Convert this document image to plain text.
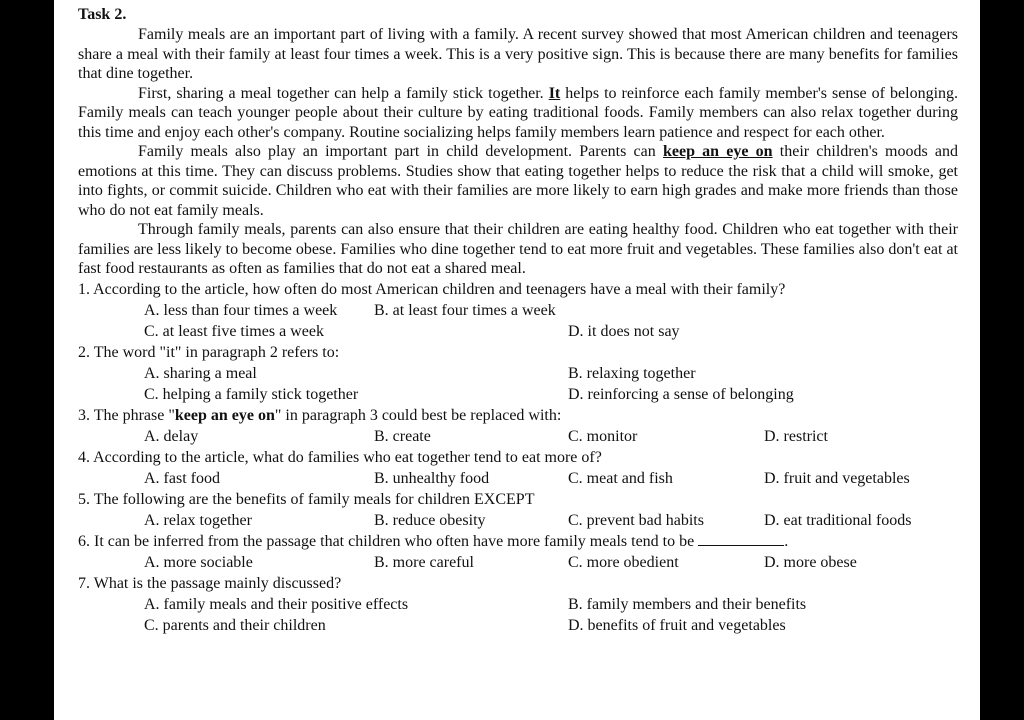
Task 2.

Family meals are an important part of living with a family. A recent survey showed that most American children and teenagers share a meal with their family at least four times a week. This is a very positive sign. This is because there are many benefits for families that dine together.

First, sharing a meal together can help a family stick together. It helps to reinforce each family member's sense of belonging. Family meals can teach younger people about their culture by eating traditional foods. Family members can also relax together during this time and enjoy each other's company. Routine socializing helps family members learn patience and respect for each other.

Family meals also play an important part in child development. Parents can keep an eye on their children's moods and emotions at this time. They can discuss problems. Studies show that eating together helps to reduce the risk that a child will smoke, get into fights, or commit suicide. Children who eat with their families are more likely to earn high grades and make more friends than those who do not eat family meals.

Through family meals, parents can also ensure that their children are eating healthy food. Children who eat together with their families are less likely to become obese. Families who dine together tend to eat more fruit and vegetables. These families also don't eat at fast food restaurants as often as families that do not eat a shared meal.

1. According to the article, how often do most American children and teenagers have a meal with their family?

A. less than four times a week B. at least four times a week
C. at least five times a week	D. it does not say

2. The word "it" in paragraph 2 refers to:

A. sharing a meal	B. relaxing together
C. helping a family stick together	D. reinforcing a sense of belonging

3. The phrase "keep an eye on" in paragraph 3 could best be replaced with:

A. delay	B. create	C. monitor	D. restrict

4. According to the article, what do families who eat together tend to eat more of?

A. fast food	B. unhealthy food	C. meat and fish	D. fruit and vegetables

5. The following are the benefits of family meals for children EXCEPT

A. relax together	B. reduce obesity	C. prevent bad habits	D. eat traditional foods

6. It can be inferred from the passage that children who often have more family meals tend to be	.

A. more sociable	B. more careful	C. more obedient	D. more obese

7. What is the passage mainly discussed?

A. family meals and their positive effects	B. family members and their benefits
C. parents and their children	D. benefits of fruit and vegetables
